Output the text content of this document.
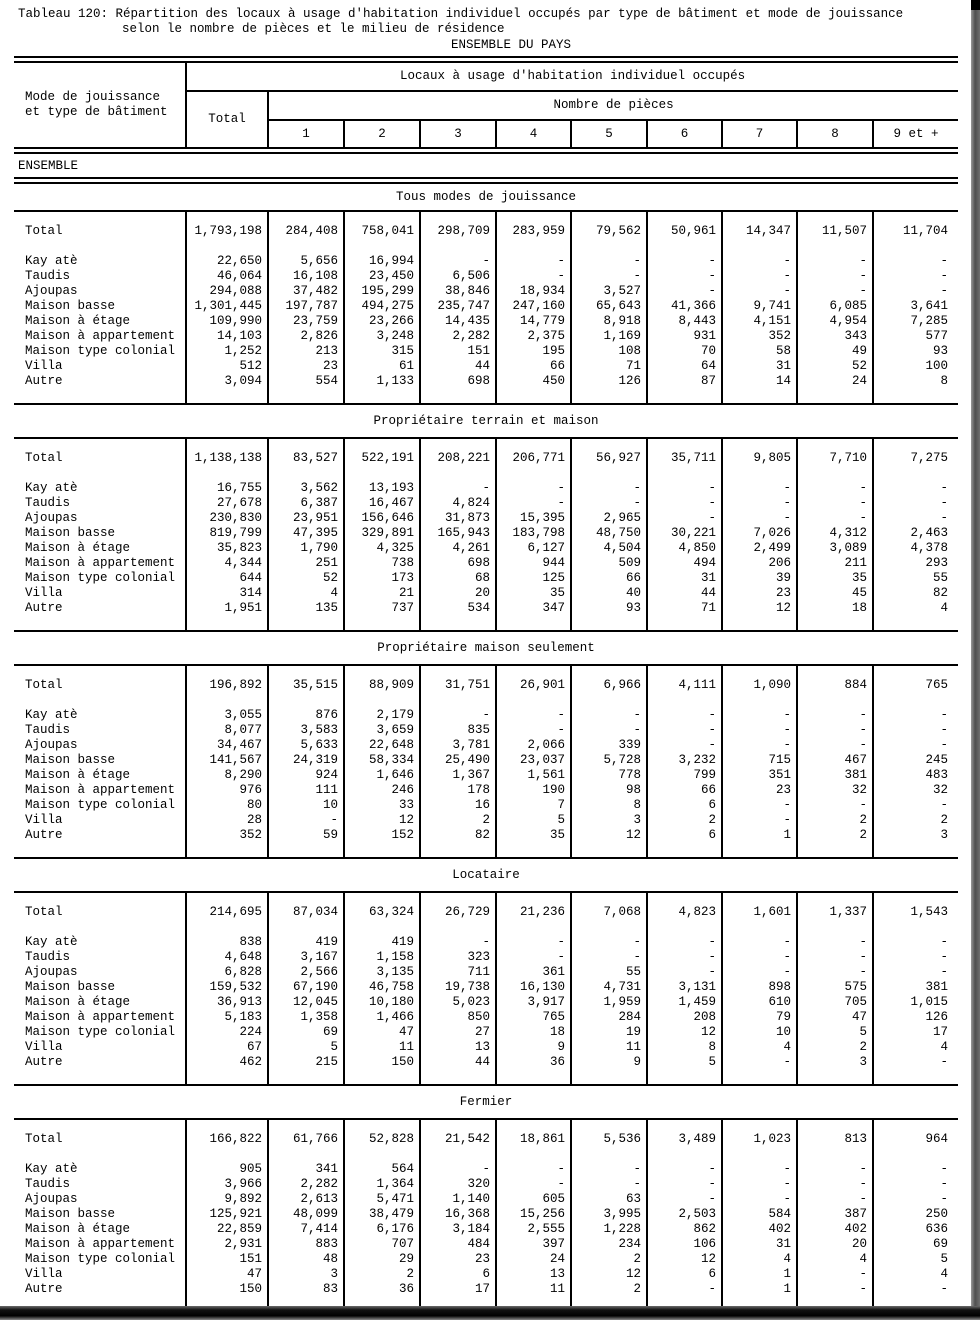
Tableau 120: Répartition des locaux à usage d'habitation individuel occupés par type de bâtiment et mode de jouissance
selon le nombre de pièces et le milieu de résidence
ENSEMBLE DU PAYS
Mode de jouissance
et type de bâtiment	Locaux à usage d'habitation individuel occupés									
	Total	Nombre de pièces								
		1	2	3	4	5	6	7	8	9 et +
ENSEMBLE
Tous modes de jouissance

Total	1,793,198	284,408	758,041	298,709	283,959	79,562	50,961	14,347	11,507	11,704

Kay atè	22,650	5,656	16,994	-	-	-	-	-	-	-
Taudis	46,064	16,108	23,450	6,506	-	-	-	-	-	-
Ajoupas	294,088	37,482	195,299	38,846	18,934	3,527	-	-	-	-
Maison basse	1,301,445	197,787	494,275	235,747	247,160	65,643	41,366	9,741	6,085	3,641
Maison à étage	109,990	23,759	23,266	14,435	14,779	8,918	8,443	4,151	4,954	7,285
Maison à appartement	14,103	2,826	3,248	2,282	2,375	1,169	931	352	343	577
Maison type colonial	1,252	213	315	151	195	108	70	58	49	93
Villa	512	23	61	44	66	71	64	31	52	100
Autre	3,094	554	1,133	698	450	126	87	14	24	8

Propriétaire terrain et maison

Total	1,138,138	83,527	522,191	208,221	206,771	56,927	35,711	9,805	7,710	7,275

Kay atè	16,755	3,562	13,193	-	-	-	-	-	-	-
Taudis	27,678	6,387	16,467	4,824	-	-	-	-	-	-
Ajoupas	230,830	23,951	156,646	31,873	15,395	2,965	-	-	-	-
Maison basse	819,799	47,395	329,891	165,943	183,798	48,750	30,221	7,026	4,312	2,463
Maison à étage	35,823	1,790	4,325	4,261	6,127	4,504	4,850	2,499	3,089	4,378
Maison à appartement	4,344	251	738	698	944	509	494	206	211	293
Maison type colonial	644	52	173	68	125	66	31	39	35	55
Villa	314	4	21	20	35	40	44	23	45	82
Autre	1,951	135	737	534	347	93	71	12	18	4

Propriétaire maison seulement

Total	196,892	35,515	88,909	31,751	26,901	6,966	4,111	1,090	884	765

Kay atè	3,055	876	2,179	-	-	-	-	-	-	-
Taudis	8,077	3,583	3,659	835	-	-	-	-	-	-
Ajoupas	34,467	5,633	22,648	3,781	2,066	339	-	-	-	-
Maison basse	141,567	24,319	58,334	25,490	23,037	5,728	3,232	715	467	245
Maison à étage	8,290	924	1,646	1,367	1,561	778	799	351	381	483
Maison à appartement	976	111	246	178	190	98	66	23	32	32
Maison type colonial	80	10	33	16	7	8	6	-	-	-
Villa	28	-	12	2	5	3	2	-	2	2
Autre	352	59	152	82	35	12	6	1	2	3

Locataire

Total	214,695	87,034	63,324	26,729	21,236	7,068	4,823	1,601	1,337	1,543

Kay atè	838	419	419	-	-	-	-	-	-	-
Taudis	4,648	3,167	1,158	323	-	-	-	-	-	-
Ajoupas	6,828	2,566	3,135	711	361	55	-	-	-	-
Maison basse	159,532	67,190	46,758	19,738	16,130	4,731	3,131	898	575	381
Maison à étage	36,913	12,045	10,180	5,023	3,917	1,959	1,459	610	705	1,015
Maison à appartement	5,183	1,358	1,466	850	765	284	208	79	47	126
Maison type colonial	224	69	47	27	18	19	12	10	5	17
Villa	67	5	11	13	9	11	8	4	2	4
Autre	462	215	150	44	36	9	5	-	3	-

Fermier

Total	166,822	61,766	52,828	21,542	18,861	5,536	3,489	1,023	813	964

Kay atè	905	341	564	-	-	-	-	-	-	-
Taudis	3,966	2,282	1,364	320	-	-	-	-	-	-
Ajoupas	9,892	2,613	5,471	1,140	605	63	-	-	-	-
Maison basse	125,921	48,099	38,479	16,368	15,256	3,995	2,503	584	387	250
Maison à étage	22,859	7,414	6,176	3,184	2,555	1,228	862	402	402	636
Maison à appartement	2,931	883	707	484	397	234	106	31	20	69
Maison type colonial	151	48	29	23	24	2	12	4	4	5
Villa	47	3	2	6	13	12	6	1	-	4
Autre	150	83	36	17	11	2	-	1	-	-
